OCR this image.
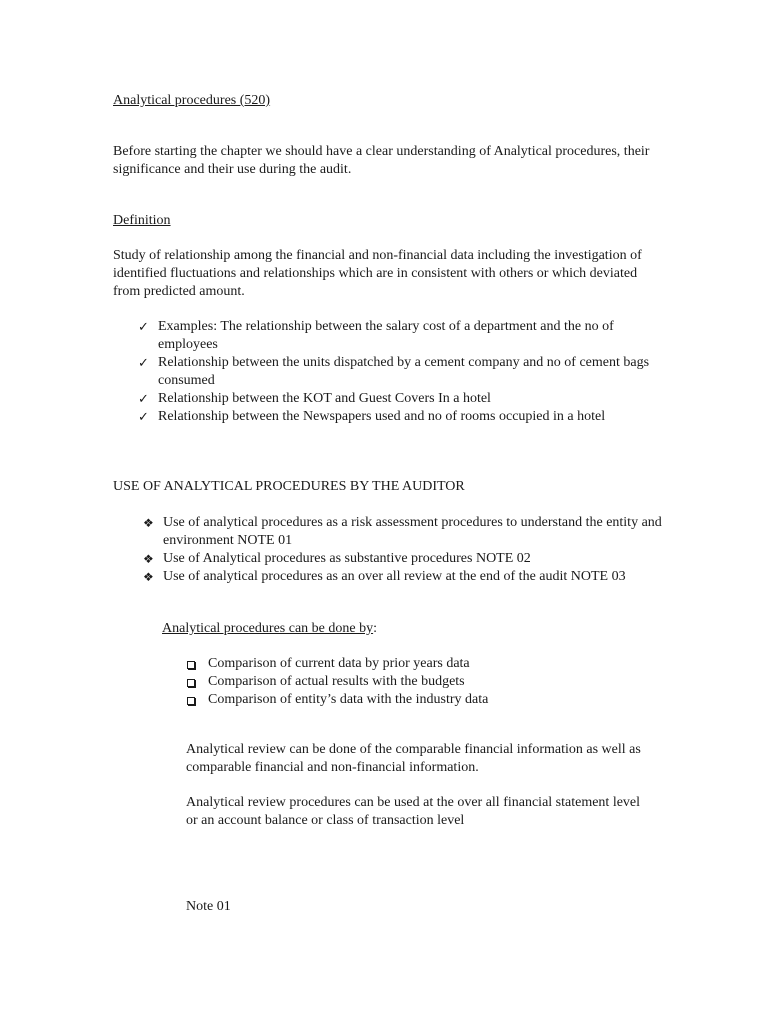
Analytical procedures (520)

Before starting the chapter we should have a clear understanding of Analytical procedures, their significance and their use during the audit.

Definition

Study of relationship among the financial and non-financial data including the investigation of identified fluctuations and relationships which are in consistent with others or which deviated from predicted amount.

✓ Examples: The relationship between the salary cost of a department and the no of employees
✓ Relationship between the units dispatched by a cement company and no of cement bags consumed
✓ Relationship between the KOT and Guest Covers In a hotel
✓ Relationship between the Newspapers used and no of rooms occupied in a hotel

USE OF ANALYTICAL PROCEDURES BY THE AUDITOR

❖ Use of analytical procedures as a risk assessment procedures to understand the entity and environment NOTE 01
❖ Use of Analytical procedures as substantive procedures NOTE 02
❖ Use of analytical procedures as an over all review at the end of the audit NOTE 03

Analytical procedures can be done by:

Comparison of current data by prior years data
Comparison of actual results with the budgets
Comparison of entity’s data with the industry data

Analytical review can be done of the comparable financial information as well as comparable financial and non-financial information.

Analytical review procedures can be used at the over all financial statement level or an account balance or class of transaction level

Note 01
